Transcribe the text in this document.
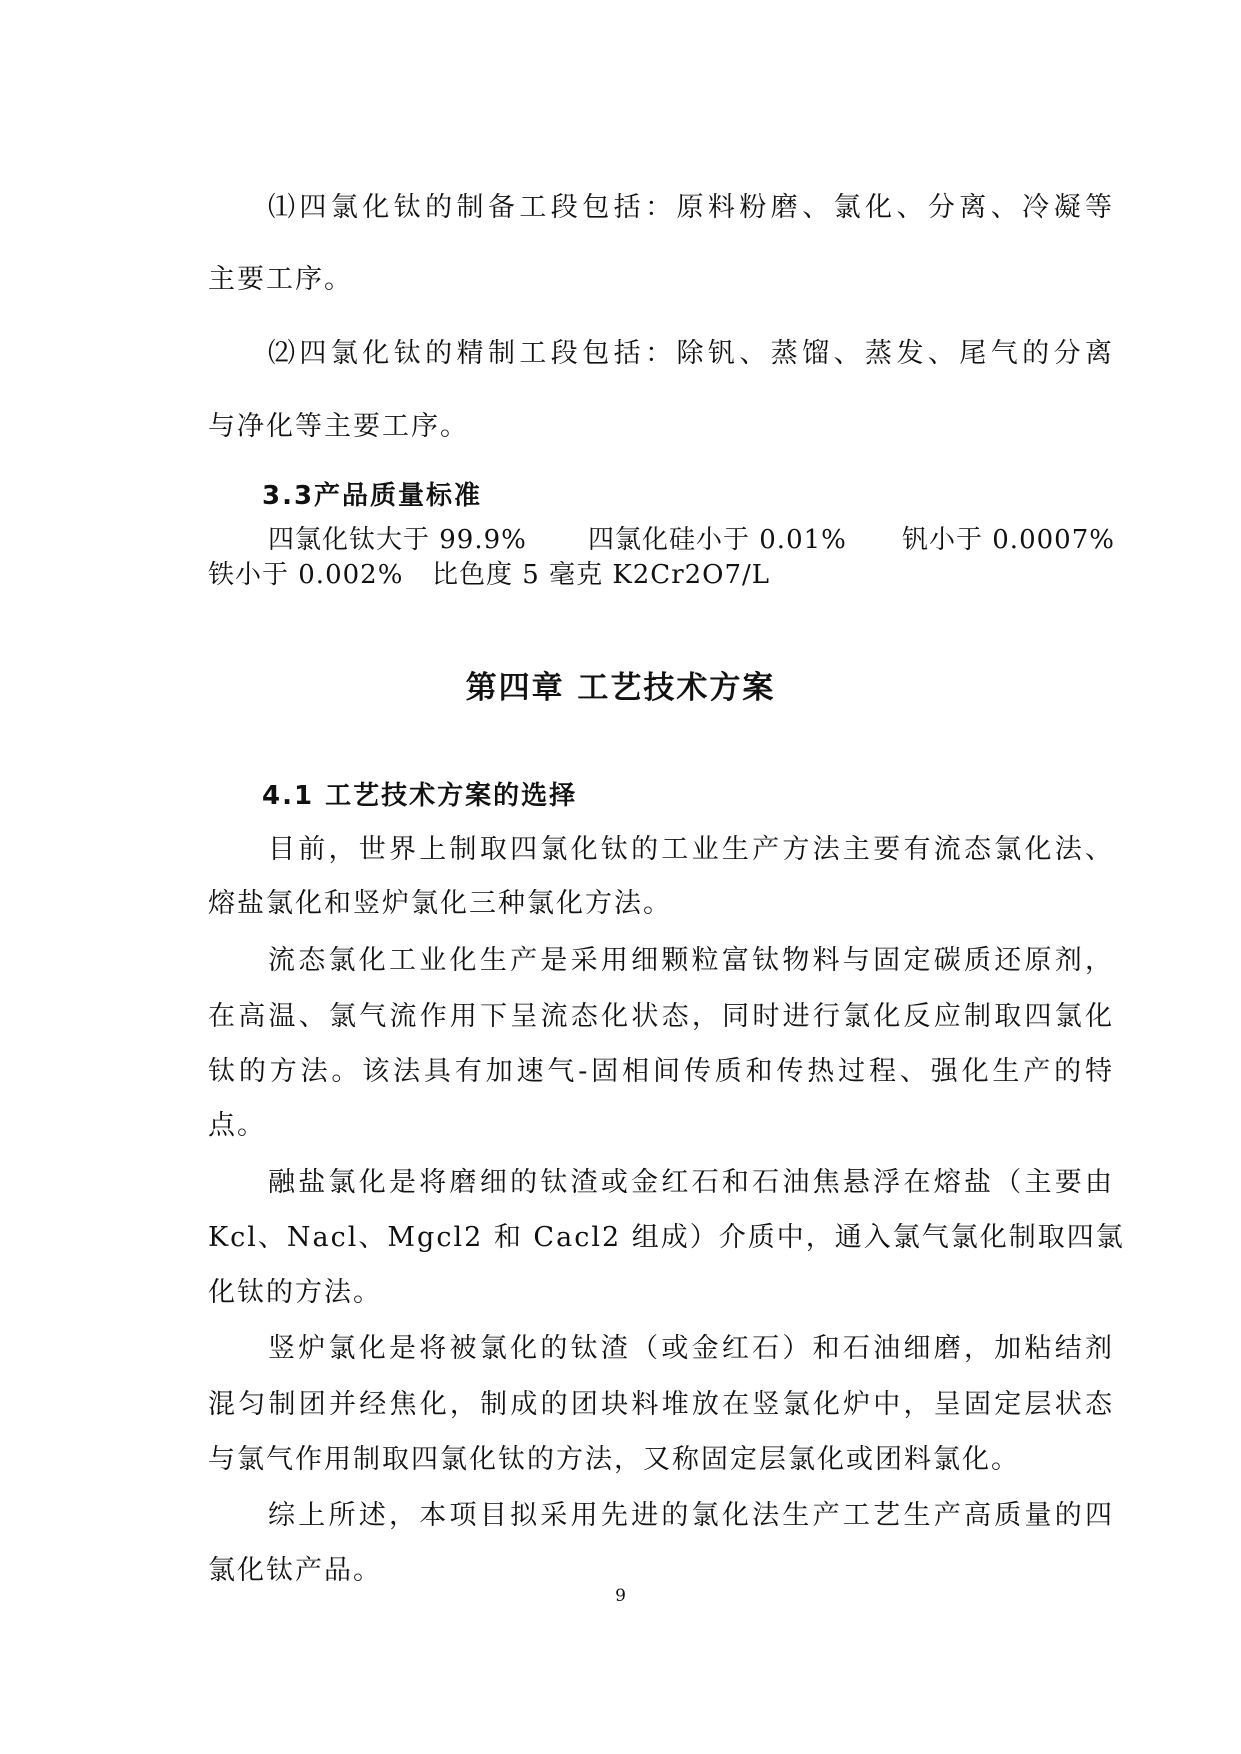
⑴四氯化钛的制备工段包括：原料粉磨、氯化、分离、冷凝等
主要工序。
⑵四氯化钛的精制工段包括：除钒、蒸馏、蒸发、尾气的分离
与净化等主要工序。
3.3产品质量标准
四氯化钛大于 99.9% 四氯化硅小于 0.01% 钒小于 0.0007%
铁小于 0.002% 比色度 5 毫克 K2Cr2O7/L
第四章 工艺技术方案
4.1 工艺技术方案的选择
目前，世界上制取四氯化钛的工业生产方法主要有流态氯化法、
熔盐氯化和竖炉氯化三种氯化方法。
流态氯化工业化生产是采用细颗粒富钛物料与固定碳质还原剂，
在高温、氯气流作用下呈流态化状态，同时进行氯化反应制取四氯化
钛的方法。该法具有加速气-固相间传质和传热过程、强化生产的特
点。
融盐氯化是将磨细的钛渣或金红石和石油焦悬浮在熔盐（主要由
Kcl、Nacl、Mgcl2 和 Cacl2 组成）介质中，通入氯气氯化制取四氯
化钛的方法。
竖炉氯化是将被氯化的钛渣（或金红石）和石油细磨，加粘结剂
混匀制团并经焦化，制成的团块料堆放在竖氯化炉中，呈固定层状态
与氯气作用制取四氯化钛的方法，又称固定层氯化或团料氯化。
综上所述，本项目拟采用先进的氯化法生产工艺生产高质量的四
氯化钛产品。
9
